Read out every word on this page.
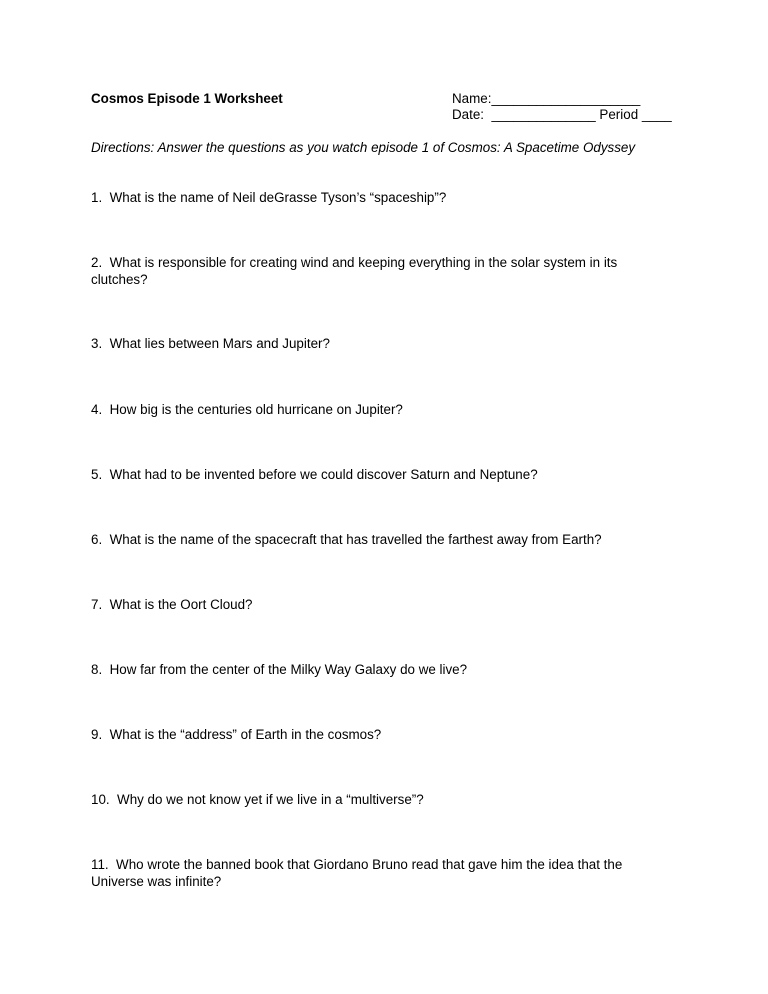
Cosmos Episode 1 Worksheet	Name:____________________
Date:  ______________ Period ____
Directions: Answer the questions as you watch episode 1 of Cosmos: A Spacetime Odyssey
1.  What is the name of Neil deGrasse Tyson’s “spaceship”?
2.  What is responsible for creating wind and keeping everything in the solar system in its clutches?
3.  What lies between Mars and Jupiter?
4.  How big is the centuries old hurricane on Jupiter?
5.  What had to be invented before we could discover Saturn and Neptune?
6.  What is the name of the spacecraft that has travelled the farthest away from Earth?
7.  What is the Oort Cloud?
8.  How far from the center of the Milky Way Galaxy do we live?
9.  What is the “address” of Earth in the cosmos?
10.  Why do we not know yet if we live in a “multiverse”?
11.  Who wrote the banned book that Giordano Bruno read that gave him the idea that the Universe was infinite?
